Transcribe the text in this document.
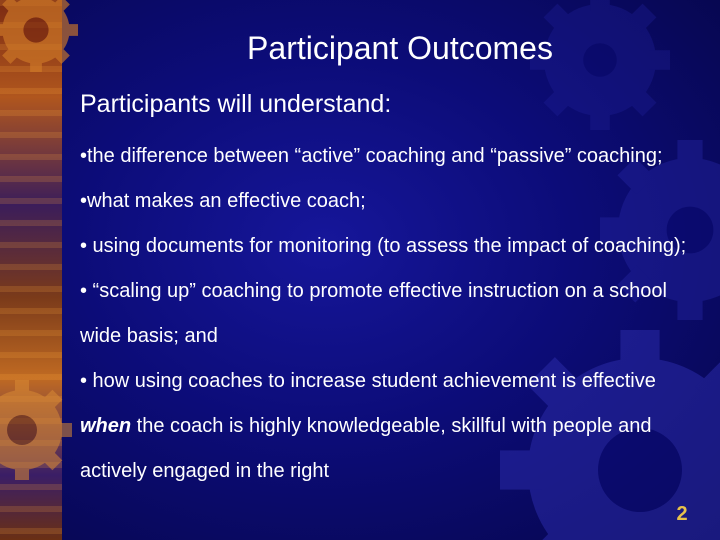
Participant Outcomes

Participants will understand:

•the difference between “active” coaching and “passive” coaching;

•what makes an effective coach;

• using documents for monitoring (to assess the impact of coaching);

• “scaling up” coaching to promote effective instruction on a school wide basis; and

• how using coaches to increase student achievement is effective when the coach is highly knowledgeable, skillful with people and actively engaged in the right

2
